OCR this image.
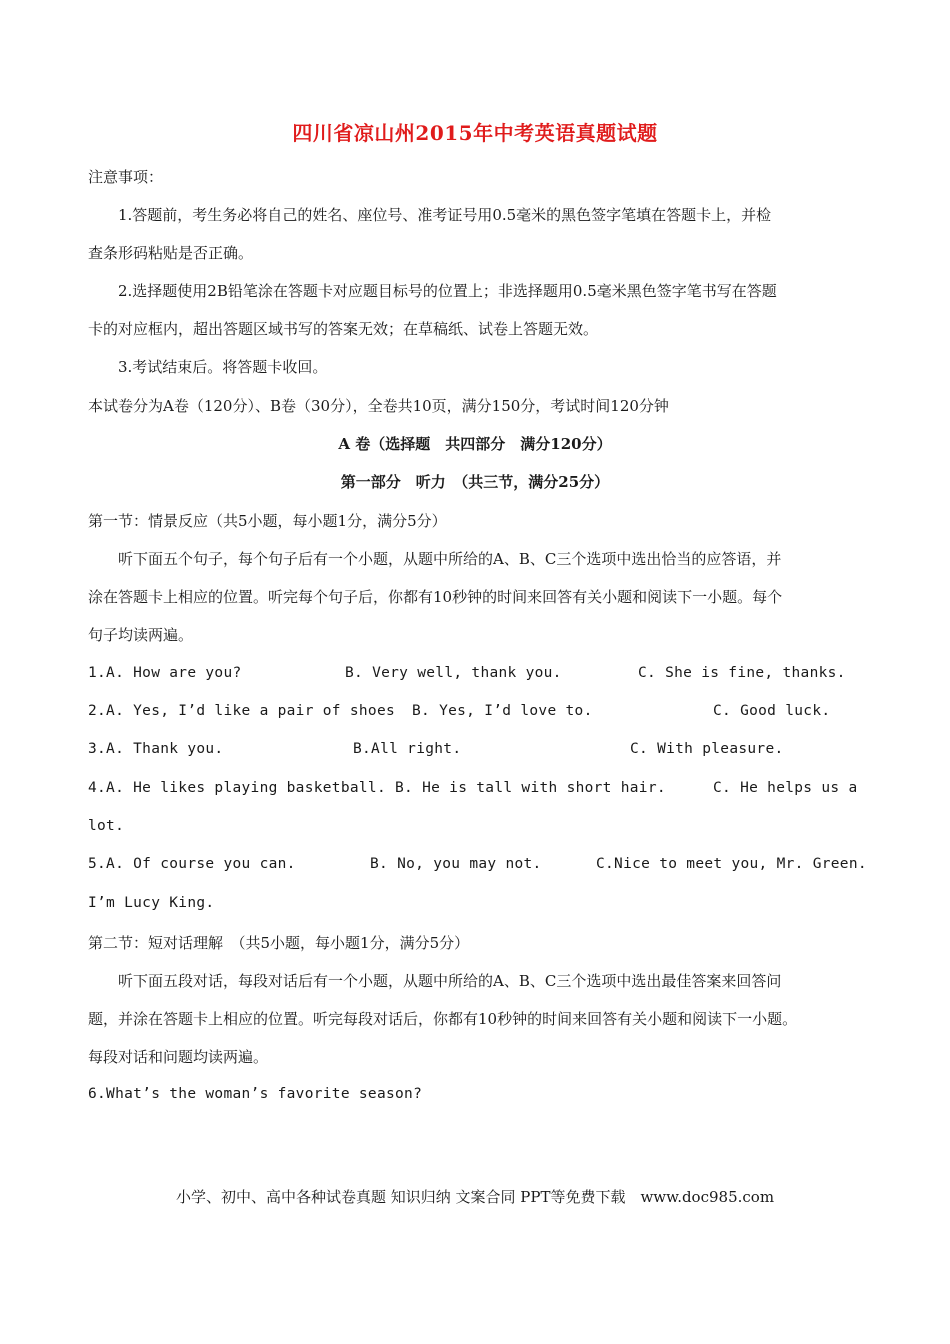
四川省凉山州2015年中考英语真题试题
注意事项：
1.答题前，考生务必将自己的姓名、座位号、准考证号用0.5毫米的黑色签字笔填在答题卡上，并检
查条形码粘贴是否正确。
2.选择题使用2B铅笔涂在答题卡对应题目标号的位置上；非选择题用0.5毫米黑色签字笔书写在答题
卡的对应框内，超出答题区域书写的答案无效；在草稿纸、试卷上答题无效。
3.考试结束后。将答题卡收回。
本试卷分为A卷（120分）、B卷（30分），全卷共10页，满分150分，考试时间120分钟
A 卷（选择题　共四部分　满分120分）
第一部分　听力　（共三节，满分25分）
第一节：情景反应（共5小题，每小题1分，满分5分）
听下面五个句子，每个句子后有一个小题，从题中所给的A、B、C三个选项中选出恰当的应答语，并
涂在答题卡上相应的位置。听完每个句子后，你都有10秒钟的时间来回答有关小题和阅读下一小题。每个
句子均读两遍。
1.A. How are you?	B. Very well, thank you.	C. She is fine, thanks.
2.A. Yes, I’d like a pair of shoes B. Yes, I’d love to.	C. Good luck.
3.A. Thank you.	B.All right.	C. With pleasure.
4.A. He likes playing basketball. B. He is tall with short hair.	C. He helps us a
lot.
5.A. Of course you can.	B. No, you may not.	C.Nice to meet you, Mr. Green.
I’m Lucy King.
第二节：短对话理解　（共5小题，每小题1分，满分5分）
听下面五段对话，每段对话后有一个小题，从题中所给的A、B、C三个选项中选出最佳答案来回答问
题，并涂在答题卡上相应的位置。听完每段对话后，你都有10秒钟的时间来回答有关小题和阅读下一小题。
每段对话和问题均读两遍。
6.What’s the woman’s favorite season?
小学、初中、高中各种试卷真题 知识归纳 文案合同 PPT等免费下载　www.doc985.com
